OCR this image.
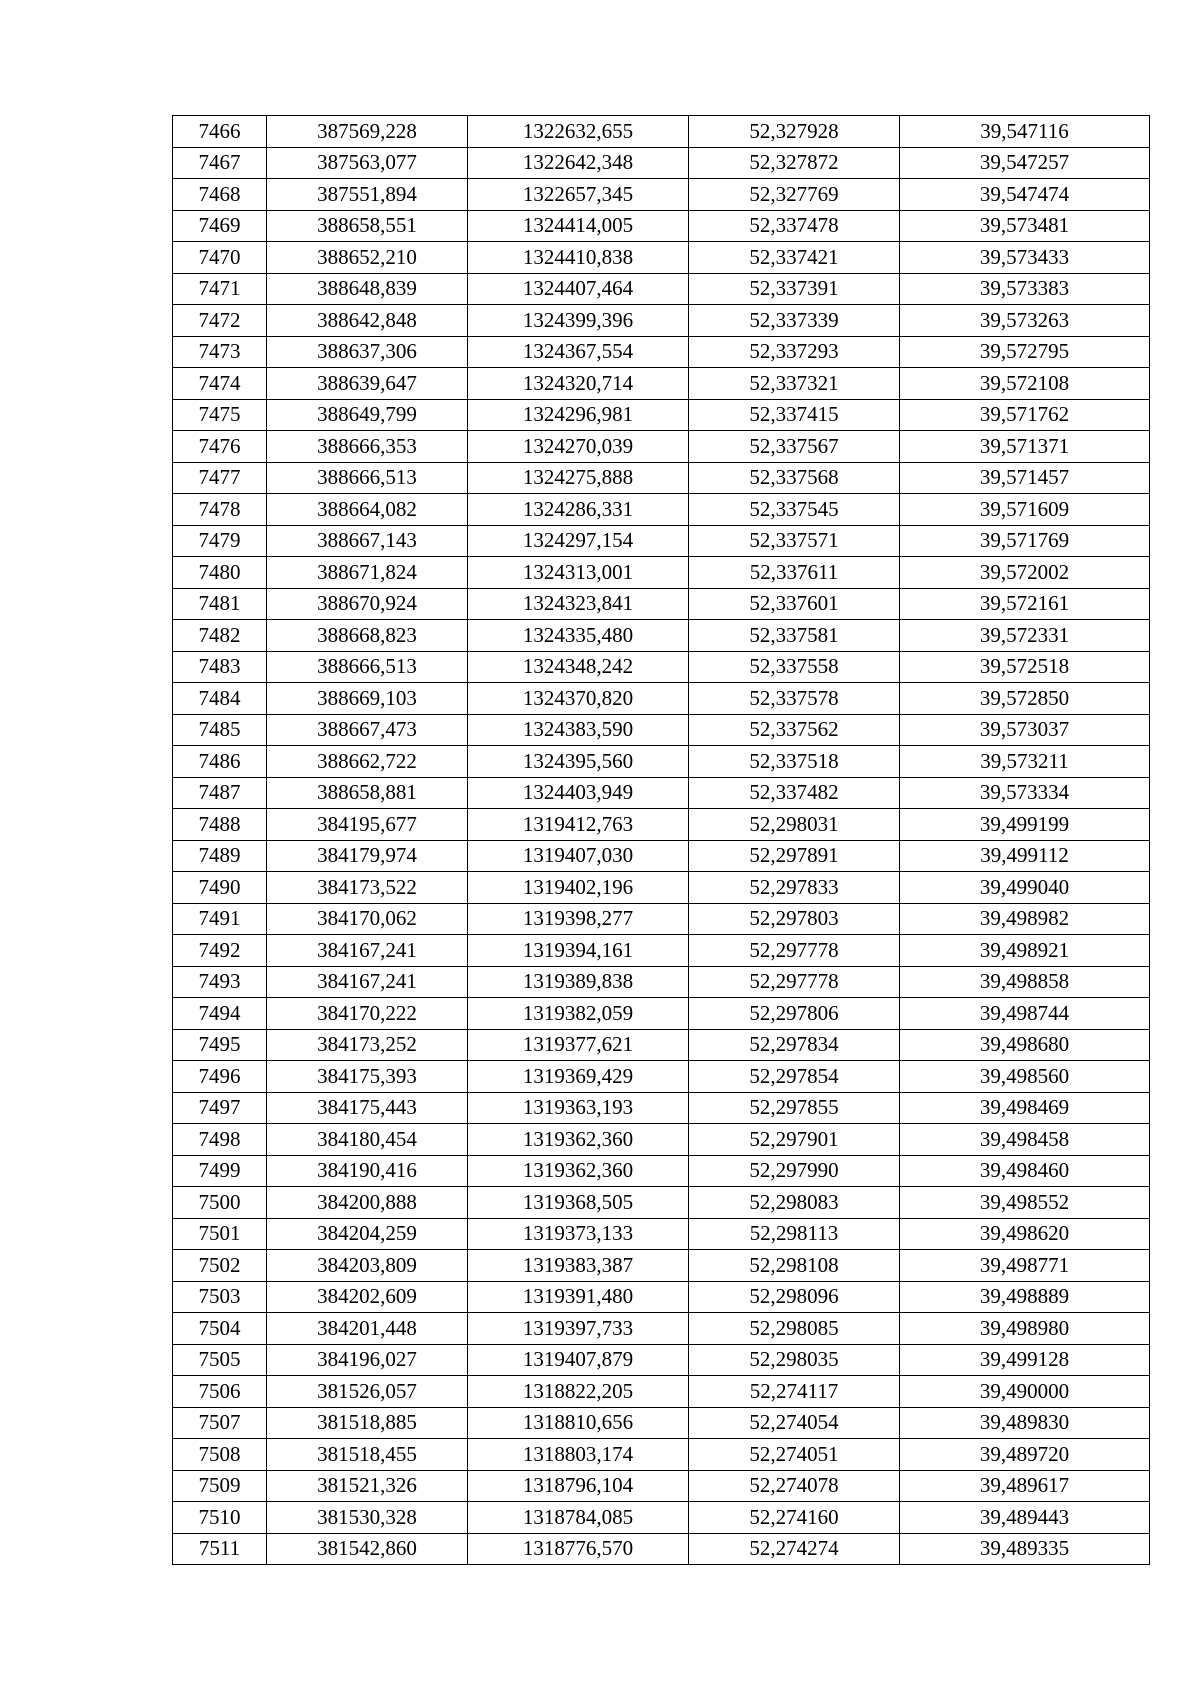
7466	387569,228	1322632,655	52,327928	39,547116
7467	387563,077	1322642,348	52,327872	39,547257
7468	387551,894	1322657,345	52,327769	39,547474
7469	388658,551	1324414,005	52,337478	39,573481
7470	388652,210	1324410,838	52,337421	39,573433
7471	388648,839	1324407,464	52,337391	39,573383
7472	388642,848	1324399,396	52,337339	39,573263
7473	388637,306	1324367,554	52,337293	39,572795
7474	388639,647	1324320,714	52,337321	39,572108
7475	388649,799	1324296,981	52,337415	39,571762
7476	388666,353	1324270,039	52,337567	39,571371
7477	388666,513	1324275,888	52,337568	39,571457
7478	388664,082	1324286,331	52,337545	39,571609
7479	388667,143	1324297,154	52,337571	39,571769
7480	388671,824	1324313,001	52,337611	39,572002
7481	388670,924	1324323,841	52,337601	39,572161
7482	388668,823	1324335,480	52,337581	39,572331
7483	388666,513	1324348,242	52,337558	39,572518
7484	388669,103	1324370,820	52,337578	39,572850
7485	388667,473	1324383,590	52,337562	39,573037
7486	388662,722	1324395,560	52,337518	39,573211
7487	388658,881	1324403,949	52,337482	39,573334
7488	384195,677	1319412,763	52,298031	39,499199
7489	384179,974	1319407,030	52,297891	39,499112
7490	384173,522	1319402,196	52,297833	39,499040
7491	384170,062	1319398,277	52,297803	39,498982
7492	384167,241	1319394,161	52,297778	39,498921
7493	384167,241	1319389,838	52,297778	39,498858
7494	384170,222	1319382,059	52,297806	39,498744
7495	384173,252	1319377,621	52,297834	39,498680
7496	384175,393	1319369,429	52,297854	39,498560
7497	384175,443	1319363,193	52,297855	39,498469
7498	384180,454	1319362,360	52,297901	39,498458
7499	384190,416	1319362,360	52,297990	39,498460
7500	384200,888	1319368,505	52,298083	39,498552
7501	384204,259	1319373,133	52,298113	39,498620
7502	384203,809	1319383,387	52,298108	39,498771
7503	384202,609	1319391,480	52,298096	39,498889
7504	384201,448	1319397,733	52,298085	39,498980
7505	384196,027	1319407,879	52,298035	39,499128
7506	381526,057	1318822,205	52,274117	39,490000
7507	381518,885	1318810,656	52,274054	39,489830
7508	381518,455	1318803,174	52,274051	39,489720
7509	381521,326	1318796,104	52,274078	39,489617
7510	381530,328	1318784,085	52,274160	39,489443
7511	381542,860	1318776,570	52,274274	39,489335
